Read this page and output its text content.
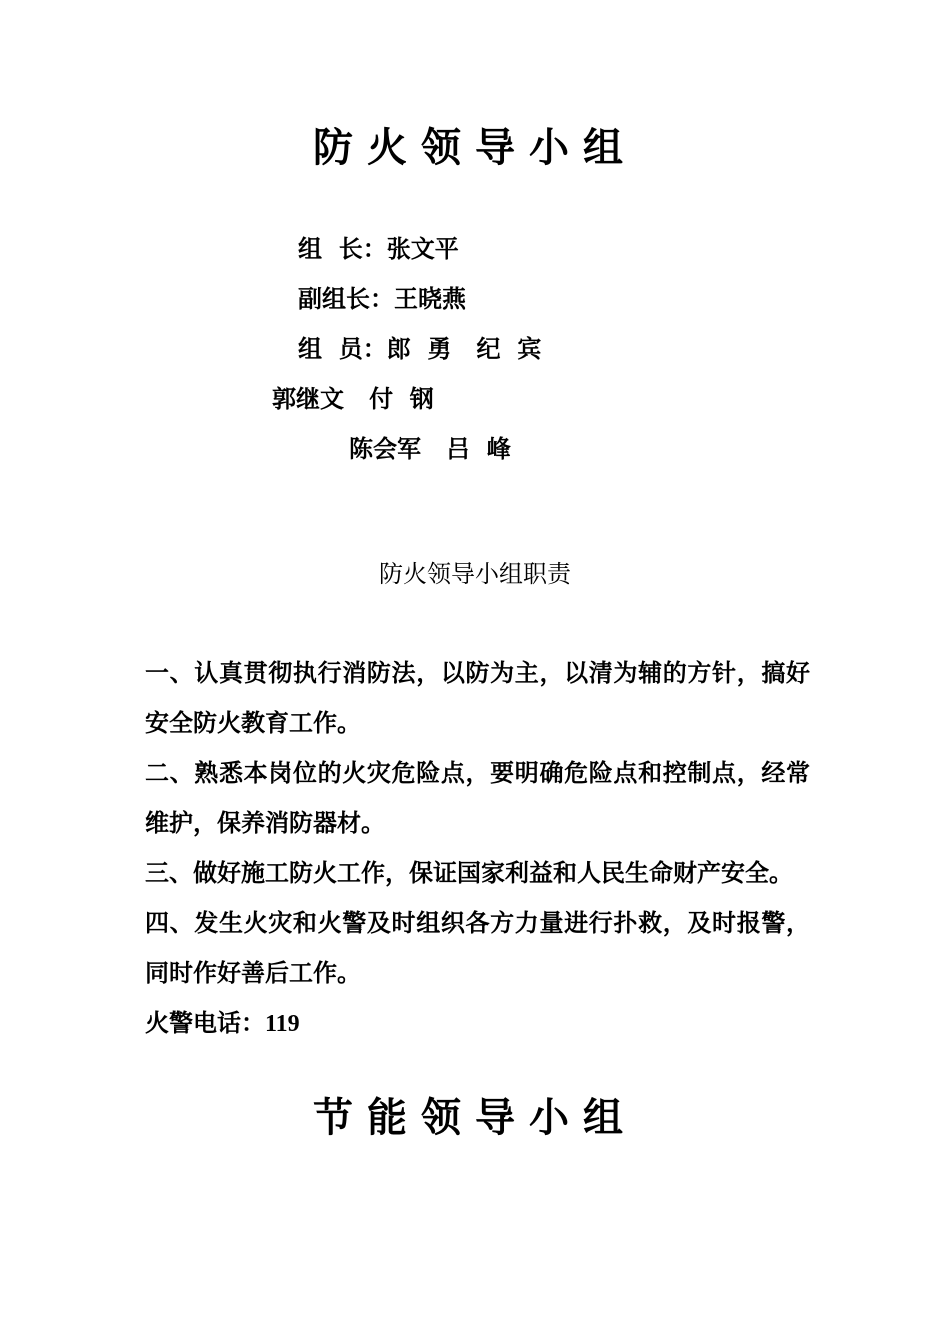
防火领导小组
组  长：张文平
副组长：王晓燕
组  员：郎  勇   纪  宾
郭继文   付  钢
陈会军   吕  峰
防火领导小组职责

一、认真贯彻执行消防法，以防为主，以清为辅的方针，搞好安全防火教育工作。

二、熟悉本岗位的火灾危险点，要明确危险点和控制点，经常维护，保养消防器材。

三、做好施工防火工作，保证国家利益和人民生命财产安全。

四、发生火灾和火警及时组织各方力量进行扑救，及时报警，同时作好善后工作。

火警电话：119

节能领导小组
